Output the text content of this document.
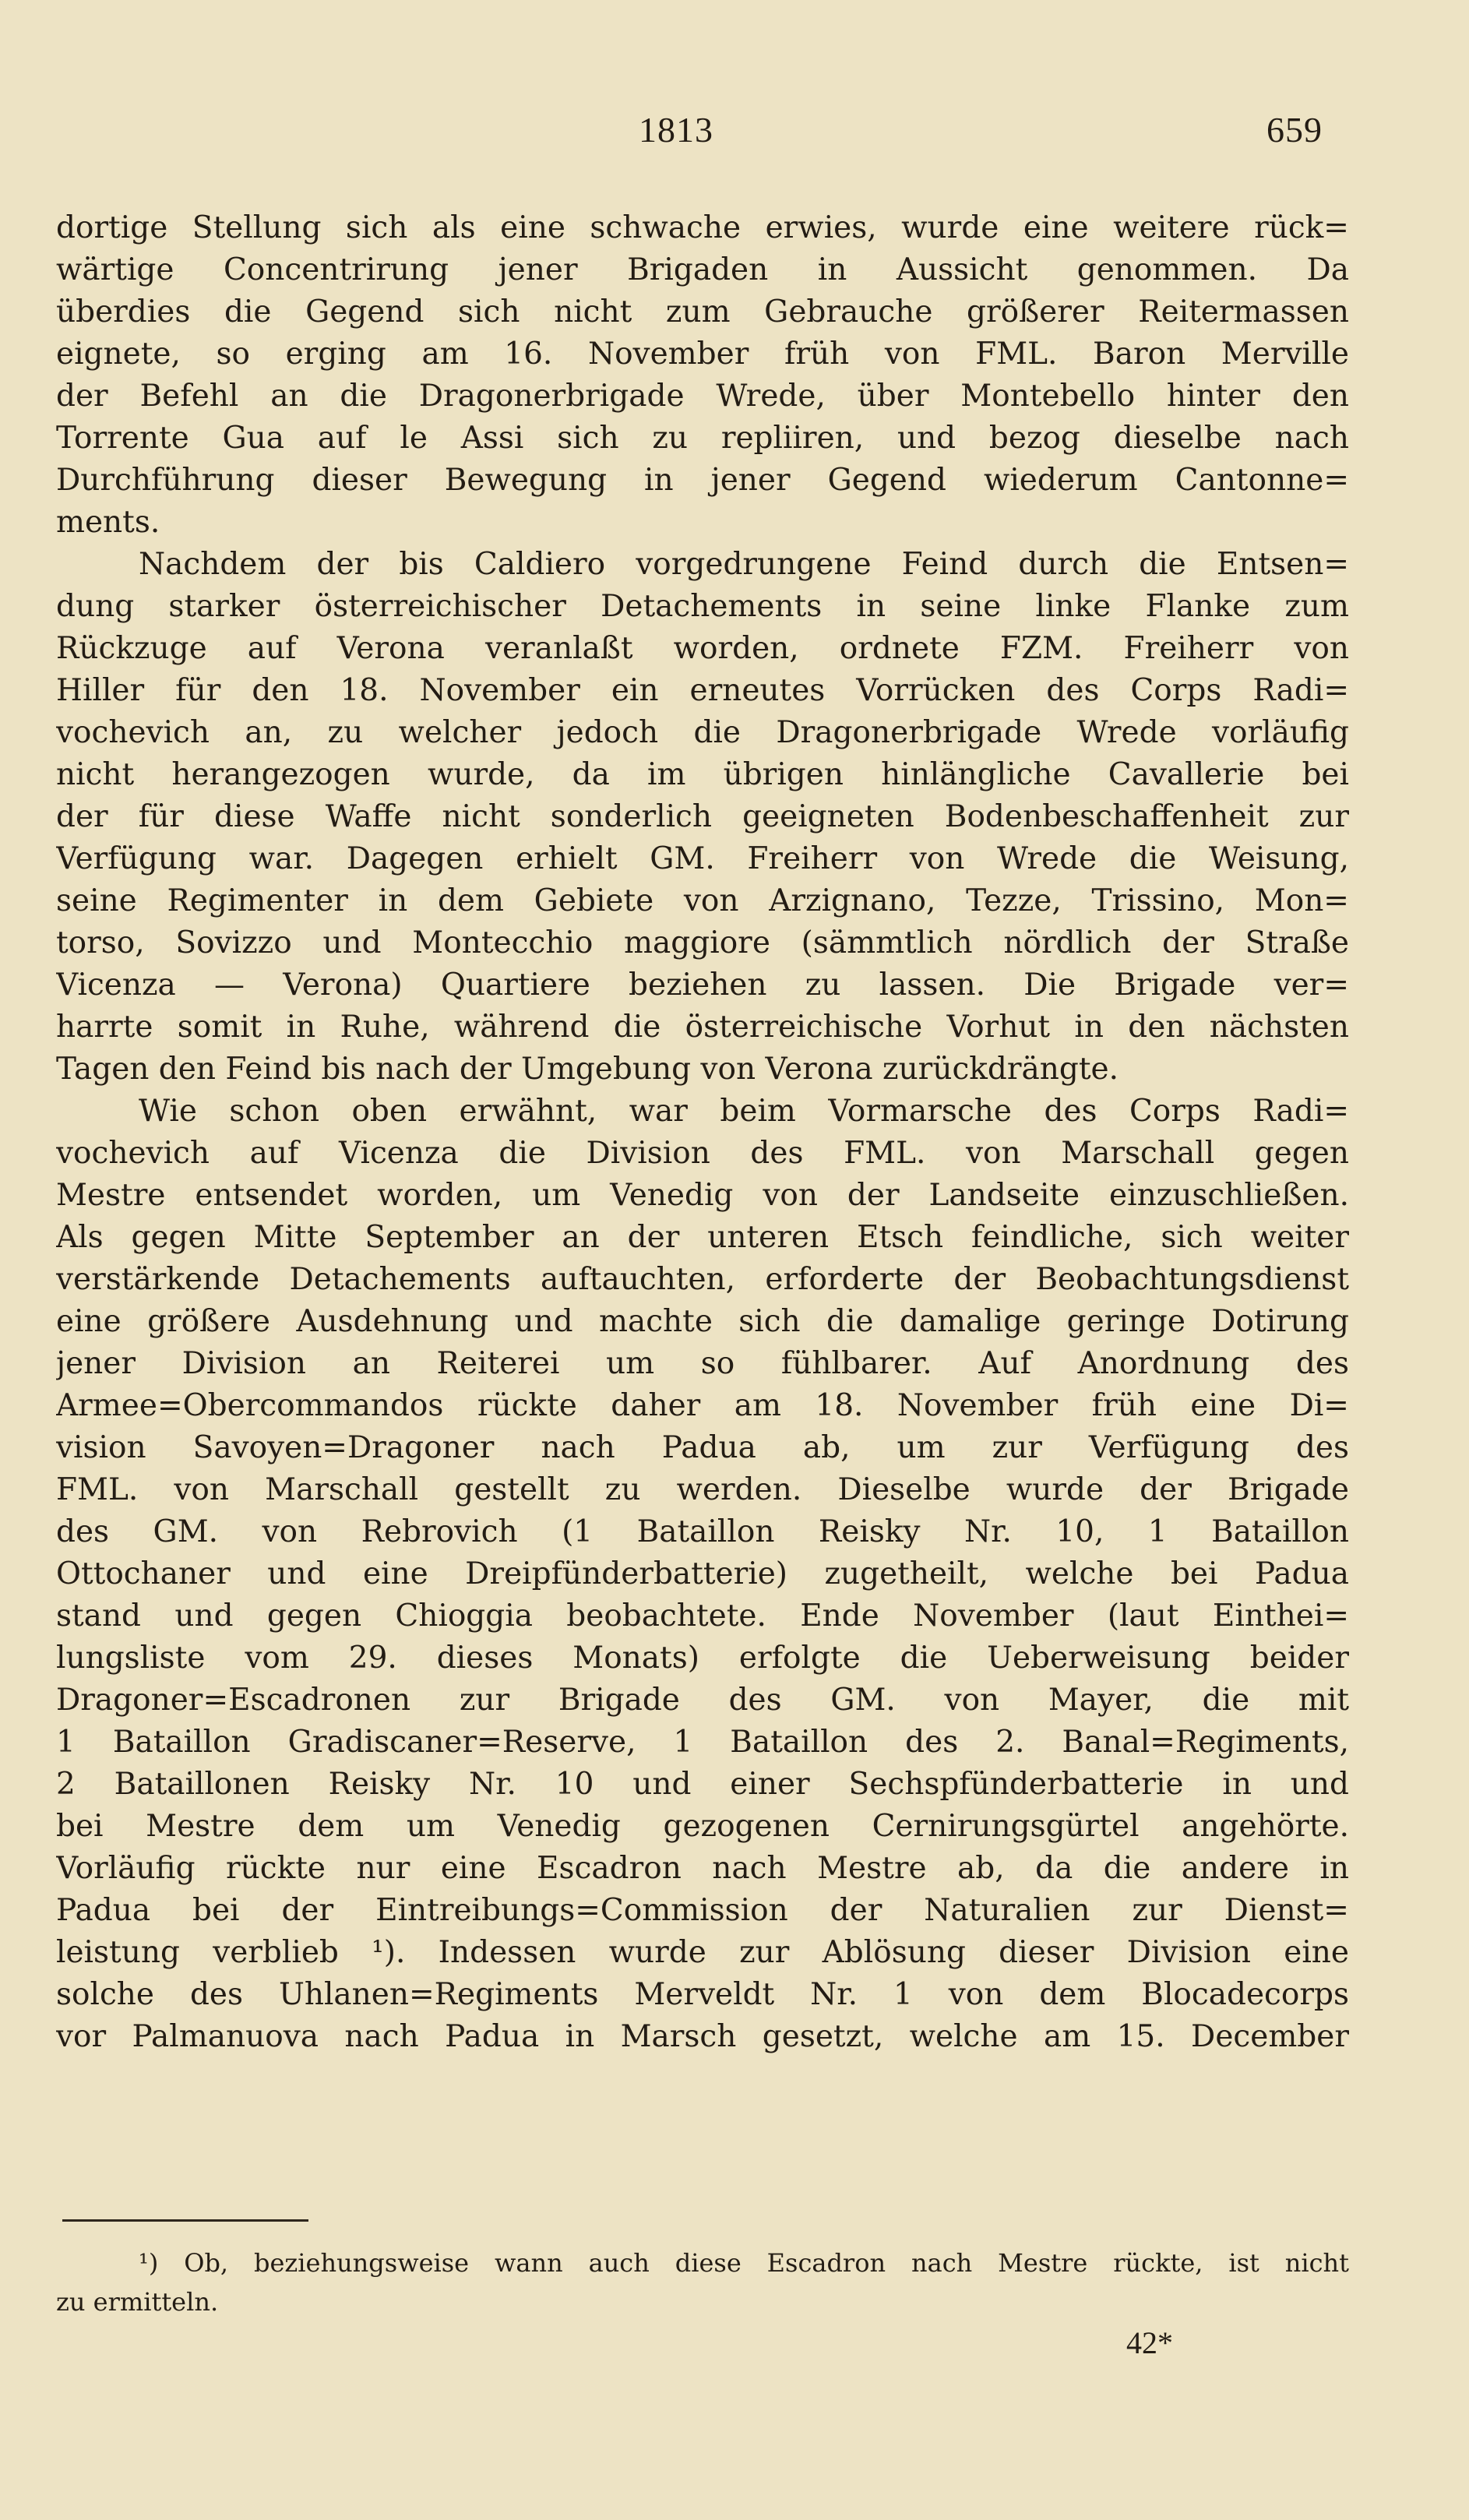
1813	659
dortige Stellung sich als eine schwache erwies, wurde eine weitere rück=
wärtige Concentrirung jener Brigaden in Aussicht genommen. Da
überdies die Gegend sich nicht zum Gebrauche größerer Reitermassen
eignete, so erging am 16. November früh von FML. Baron Merville
der Befehl an die Dragonerbrigade Wrede, über Montebello hinter den
Torrente Gua auf le Assi sich zu repliiren, und bezog dieselbe nach
Durchführung dieser Bewegung in jener Gegend wiederum Cantonne=
ments.
Nachdem der bis Caldiero vorgedrungene Feind durch die Entsen=
dung starker österreichischer Detachements in seine linke Flanke zum
Rückzuge auf Verona veranlaßt worden, ordnete FZM. Freiherr von
Hiller für den 18. November ein erneutes Vorrücken des Corps Radi=
vochevich an, zu welcher jedoch die Dragonerbrigade Wrede vorläufig
nicht herangezogen wurde, da im übrigen hinlängliche Cavallerie bei
der für diese Waffe nicht sonderlich geeigneten Bodenbeschaffenheit zur
Verfügung war. Dagegen erhielt GM. Freiherr von Wrede die Weisung,
seine Regimenter in dem Gebiete von Arzignano, Tezze, Trissino, Mon=
torso, Sovizzo und Montecchio maggiore (sämmtlich nördlich der Straße
Vicenza — Verona) Quartiere beziehen zu lassen. Die Brigade ver=
harrte somit in Ruhe, während die österreichische Vorhut in den nächsten
Tagen den Feind bis nach der Umgebung von Verona zurückdrängte.
Wie schon oben erwähnt, war beim Vormarsche des Corps Radi=
vochevich auf Vicenza die Division des FML. von Marschall gegen
Mestre entsendet worden, um Venedig von der Landseite einzuschließen.
Als gegen Mitte September an der unteren Etsch feindliche, sich weiter
verstärkende Detachements auftauchten, erforderte der Beobachtungsdienst
eine größere Ausdehnung und machte sich die damalige geringe Dotirung
jener Division an Reiterei um so fühlbarer. Auf Anordnung des
Armee=Obercommandos rückte daher am 18. November früh eine Di=
vision Savoyen=Dragoner nach Padua ab, um zur Verfügung des
FML. von Marschall gestellt zu werden. Dieselbe wurde der Brigade
des GM. von Rebrovich (1 Bataillon Reisky Nr. 10, 1 Bataillon
Ottochaner und eine Dreipfünderbatterie) zugetheilt, welche bei Padua
stand und gegen Chioggia beobachtete. Ende November (laut Einthei=
lungsliste vom 29. dieses Monats) erfolgte die Ueberweisung beider
Dragoner=Escadronen zur Brigade des GM. von Mayer, die mit
1 Bataillon Gradiscaner=Reserve, 1 Bataillon des 2. Banal=Regiments,
2 Bataillonen Reisky Nr. 10 und einer Sechspfünderbatterie in und
bei Mestre dem um Venedig gezogenen Cernirungsgürtel angehörte.
Vorläufig rückte nur eine Escadron nach Mestre ab, da die andere in
Padua bei der Eintreibungs=Commission der Naturalien zur Dienst=
leistung verblieb ¹). Indessen wurde zur Ablösung dieser Division eine
solche des Uhlanen=Regiments Merveldt Nr. 1 von dem Blocadecorps
vor Palmanuova nach Padua in Marsch gesetzt, welche am 15. December
¹) Ob, beziehungsweise wann auch diese Escadron nach Mestre rückte, ist nicht
zu ermitteln.
42*
